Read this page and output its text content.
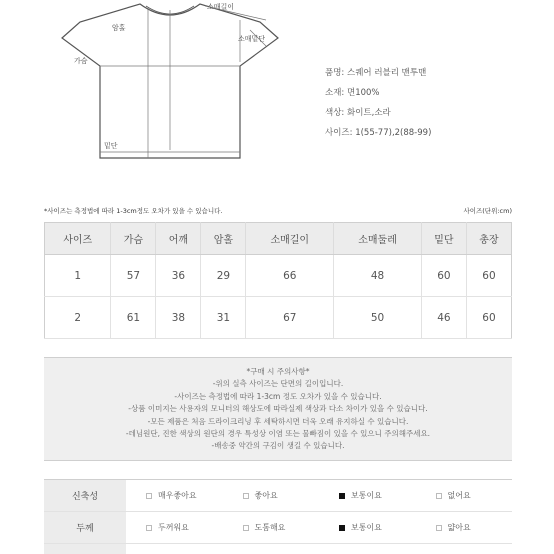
암홀
가슴
소매길이
소매밑단
밑단
품명: 스퀘어 러블리 맨투맨
소재: 면100%
색상: 화이트,소라
사이즈: 1(55-77),2(88-99)
*사이즈는 측정법에 따라 1-3cm정도 오차가 있을 수 있습니다.	사이즈(단위:cm)
사이즈	가슴	어깨	암홀	소매길이	소매둘레	밑단	총장
1	57	36	29	66	48	60	60
2	61	38	31	67	50	46	60
*구매 시 주의사항*
-위의 실측 사이즈는 단면의 길이입니다.
-사이즈는 측정법에 따라 1-3cm 정도 오차가 있을 수 있습니다.
-상품 이미지는 사용자의 모니터의 해상도에 따라실제 색상과 다소 차이가 있을 수 있습니다.
-모든 제품은 처음 드라이크리닝 후 세탁하시면 더욱 오래 유지하실 수 있습니다.
-데님원단, 진한 색상의 원단의 경우 특성상 이염 또는 물빠짐이 있을 수 있으니 주의해주세요.
-배송중 약간의 구김이 생길 수 있습니다.
신축성	매우좋아요	좋아요	보통이요	없어요
두께	두꺼워요	도톰해요	보통이요	얇아요
